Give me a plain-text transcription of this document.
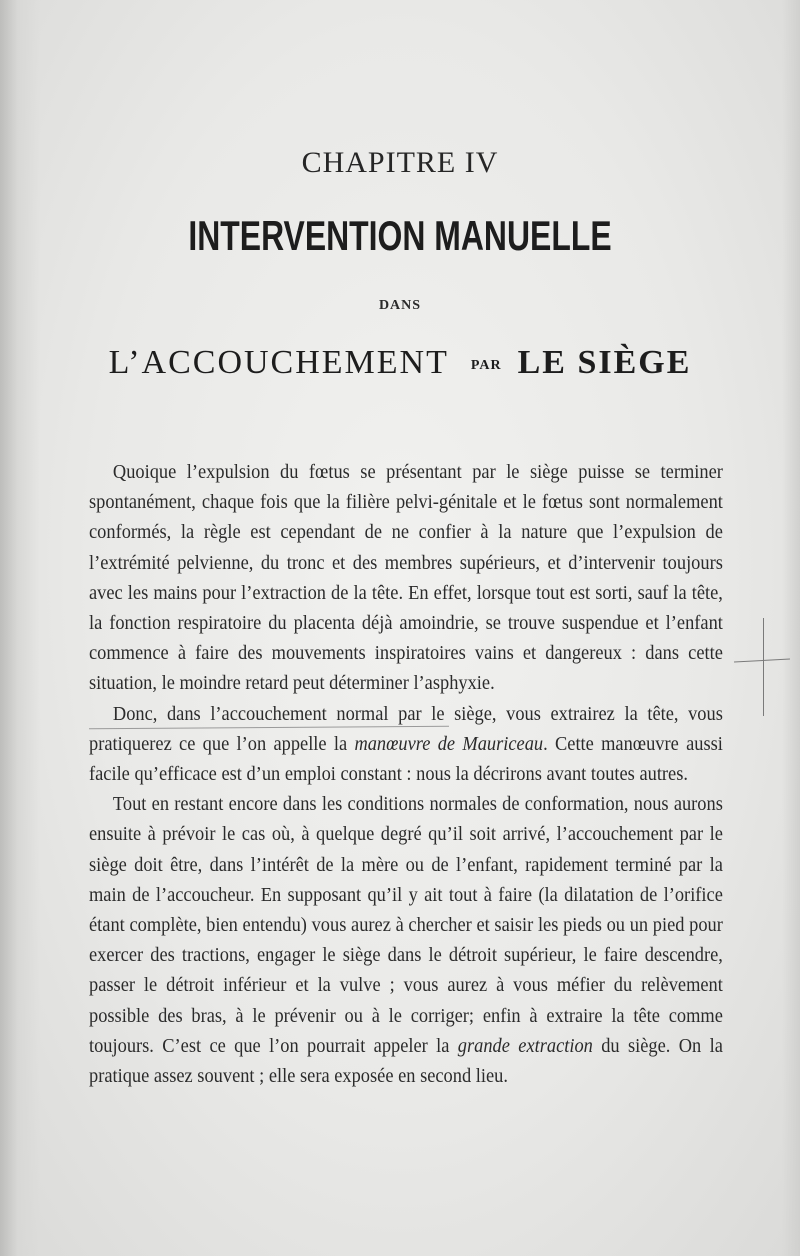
CHAPITRE IV
INTERVENTION MANUELLE
DANS
L’ACCOUCHEMENT PAR LE SIÈGE

Quoique l’expulsion du fœtus se présentant par le siège puisse se terminer spontanément, chaque fois que la filière pelvi-génitale et le fœtus sont normalement conformés, la règle est cependant de ne confier à la nature que l’expulsion de l’extrémité pelvienne, du tronc et des membres supérieurs, et d’intervenir toujours avec les mains pour l’extraction de la tête. En effet, lorsque tout est sorti, sauf la tête, la fonction respiratoire du placenta déjà amoindrie, se trouve suspendue et l’enfant commence à faire des mouvements inspiratoires vains et dangereux : dans cette situation, le moindre retard peut déterminer l’asphyxie.

Donc, dans l’accouchement normal par le siège, vous extrairez la tête, vous pratiquerez ce que l’on appelle la manœuvre de Mauriceau. Cette manœuvre aussi facile qu’efficace est d’un emploi constant : nous la décrirons avant toutes autres.

Tout en restant encore dans les conditions normales de conformation, nous aurons ensuite à prévoir le cas où, à quelque degré qu’il soit arrivé, l’accouchement par le siège doit être, dans l’intérêt de la mère ou de l’enfant, rapidement terminé par la main de l’accoucheur. En supposant qu’il y ait tout à faire (la dilatation de l’orifice étant complète, bien entendu) vous aurez à chercher et saisir les pieds ou un pied pour exercer des tractions, engager le siège dans le détroit supérieur, le faire descendre, passer le détroit inférieur et la vulve ; vous aurez à vous méfier du relèvement possible des bras, à le prévenir ou à le corriger; enfin à extraire la tête comme toujours. C’est ce que l’on pourrait appeler la grande extraction du siège. On la pratique assez souvent ; elle sera exposée en second lieu.
